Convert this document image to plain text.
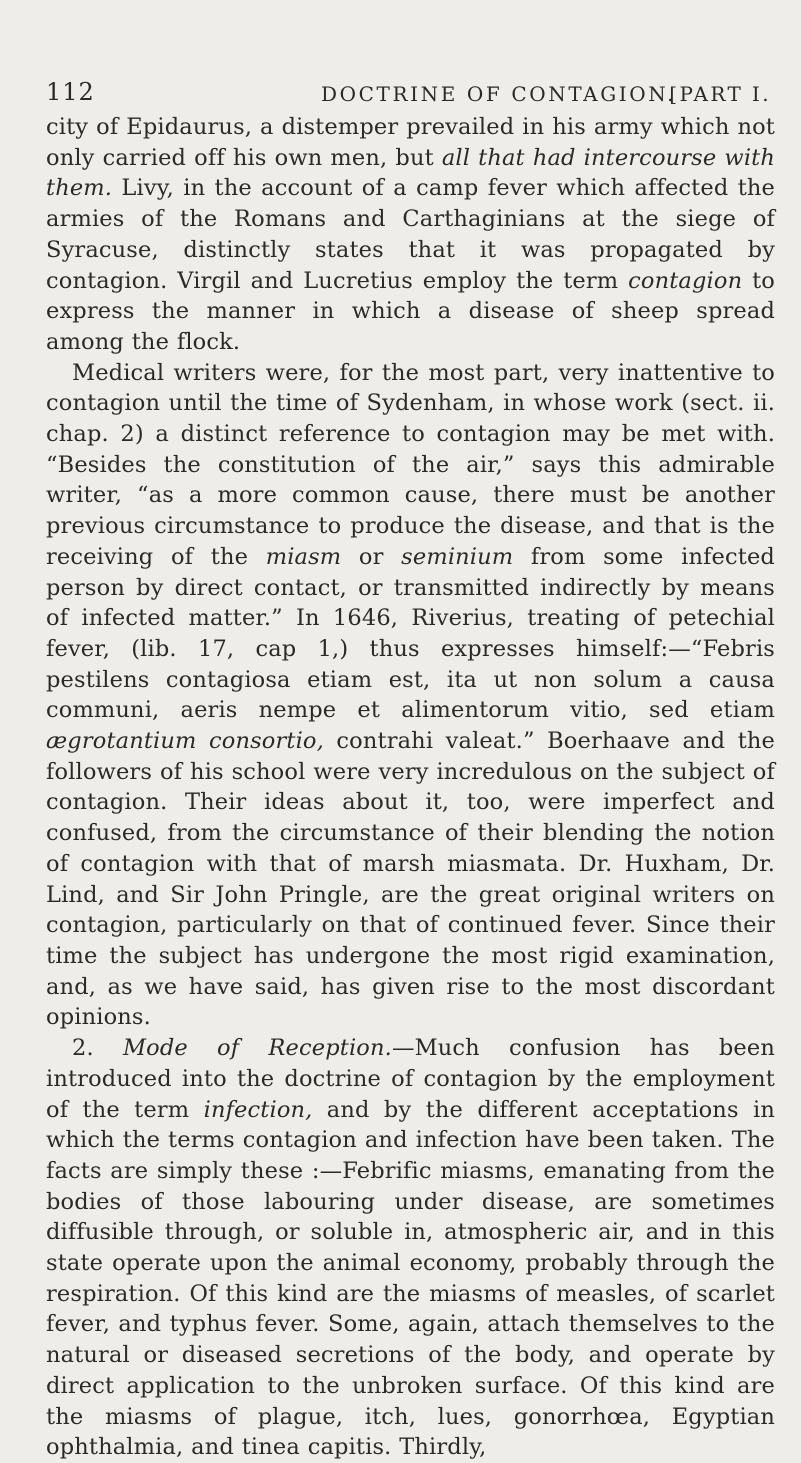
112	DOCTRINE OF CONTAGION.
[PART I.

city of Epidaurus, a distemper prevailed in his army which not only carried off his own men, but all that had intercourse with them. Livy, in the account of a camp fever which affected the armies of the Romans and Carthaginians at the siege of Syracuse, distinctly states that it was propagated by contagion. Virgil and Lucretius employ the term contagion to express the manner in which a disease of sheep spread among the flock.

Medical writers were, for the most part, very inattentive to contagion until the time of Sydenham, in whose work (sect. ii. chap. 2) a distinct reference to contagion may be met with. “Besides the constitution of the air,” says this admirable writer, “as a more common cause, there must be another previous circumstance to produce the disease, and that is the receiving of the miasm or seminium from some infected person by direct contact, or transmitted indirectly by means of infected matter.” In 1646, Riverius, treating of petechial fever, (lib. 17, cap 1,) thus expresses himself:—“Febris pestilens contagiosa etiam est, ita ut non solum a causa communi, aeris nempe et alimentorum vitio, sed etiam ægrotantium consortio, contrahi valeat.” Boerhaave and the followers of his school were very incredulous on the subject of contagion. Their ideas about it, too, were imperfect and confused, from the circumstance of their blending the notion of contagion with that of marsh miasmata. Dr. Huxham, Dr. Lind, and Sir John Pringle, are the great original writers on contagion, particularly on that of continued fever. Since their time the subject has undergone the most rigid examination, and, as we have said, has given rise to the most discordant opinions.

2. Mode of Reception.—Much confusion has been introduced into the doctrine of contagion by the employment of the term infection, and by the different acceptations in which the terms contagion and infection have been taken. The facts are simply these :—Febrific miasms, emanating from the bodies of those labouring under disease, are sometimes diffusible through, or soluble in, atmospheric air, and in this state operate upon the animal economy, probably through the respiration. Of this kind are the miasms of measles, of scarlet fever, and typhus fever. Some, again, attach themselves to the natural or diseased secretions of the body, and operate by direct application to the unbroken surface. Of this kind are the miasms of plague, itch, lues, gonorrhœa, Egyptian ophthalmia, and tinea capitis. Thirdly,
